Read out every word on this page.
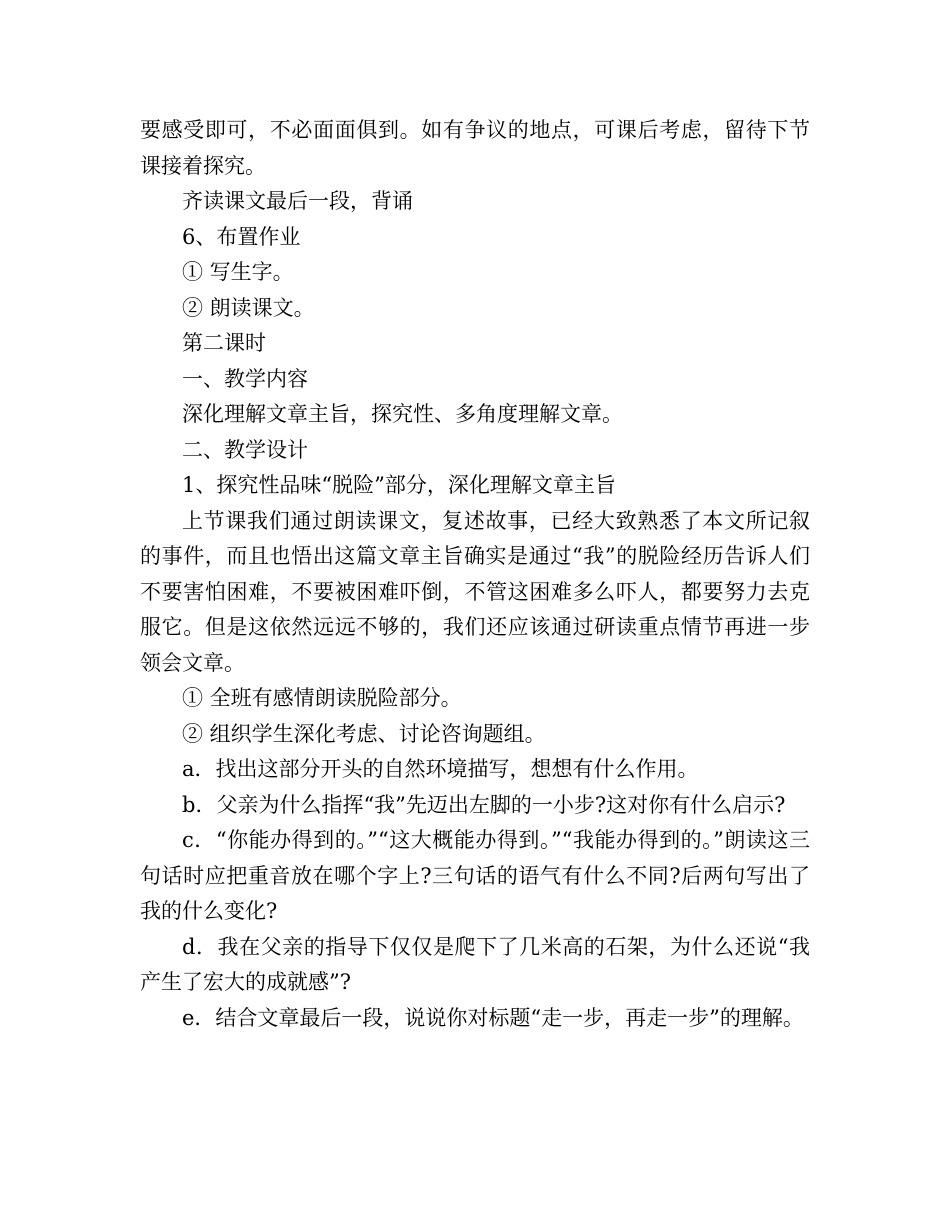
要感受即可，不必面面俱到。如有争议的地点，可课后考虑，留待下节课接着探究。

齐读课文最后一段，背诵

6、布置作业

① 写生字。

② 朗读课文。

第二课时

一、教学内容

深化理解文章主旨，探究性、多角度理解文章。

二、教学设计

1、探究性品味“脱险”部分，深化理解文章主旨

上节课我们通过朗读课文，复述故事，已经大致熟悉了本文所记叙的事件，而且也悟出这篇文章主旨确实是通过“我”的脱险经历告诉人们不要害怕困难，不要被困难吓倒，不管这困难多么吓人，都要努力去克服它。但是这依然远远不够的，我们还应该通过研读重点情节再进一步领会文章。

① 全班有感情朗读脱险部分。

② 组织学生深化考虑、讨论咨询题组。

a．找出这部分开头的自然环境描写，想想有什么作用。

b．父亲为什么指挥“我”先迈出左脚的一小步?这对你有什么启示?

c．“你能办得到的。”“这大概能办得到。”“我能办得到的。”朗读这三句话时应把重音放在哪个字上?三句话的语气有什么不同?后两句写出了我的什么变化?

d．我在父亲的指导下仅仅是爬下了几米高的石架，为什么还说“我产生了宏大的成就感”?

e．结合文章最后一段，说说你对标题“走一步，再走一步”的理解。
